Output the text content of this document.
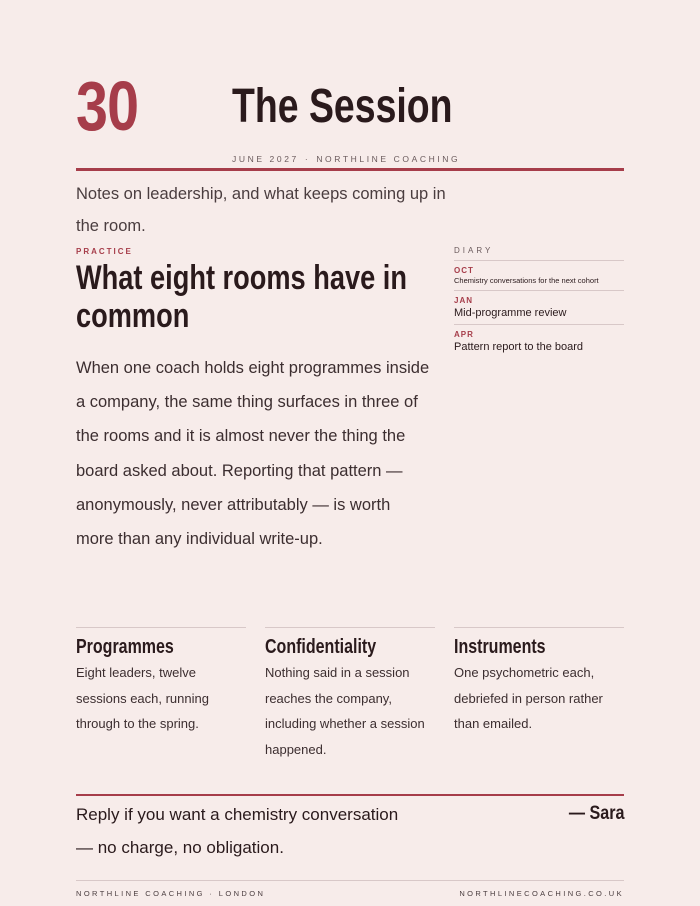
30 The Session
JUNE 2027 · NORTHLINE COACHING
Notes on leadership, and what keeps coming up in the room.
PRACTICE
What eight rooms have in common
When one coach holds eight programmes inside a company, the same thing surfaces in three of the rooms and it is almost never the thing the board asked about. Reporting that pattern — anonymously, never attributably — is worth more than any individual write-up.
DIARY
OCT
Chemistry conversations for the next cohort
JAN
Mid-programme review
APR
Pattern report to the board
Programmes
Eight leaders, twelve sessions each, running through to the spring.
Confidentiality
Nothing said in a session reaches the company, including whether a session happened.
Instruments
One psychometric each, debriefed in person rather than emailed.
Reply if you want a chemistry conversation — no charge, no obligation.
— Sara
NORTHLINE COACHING · LONDON	NORTHLINECOACHING.CO.UK
